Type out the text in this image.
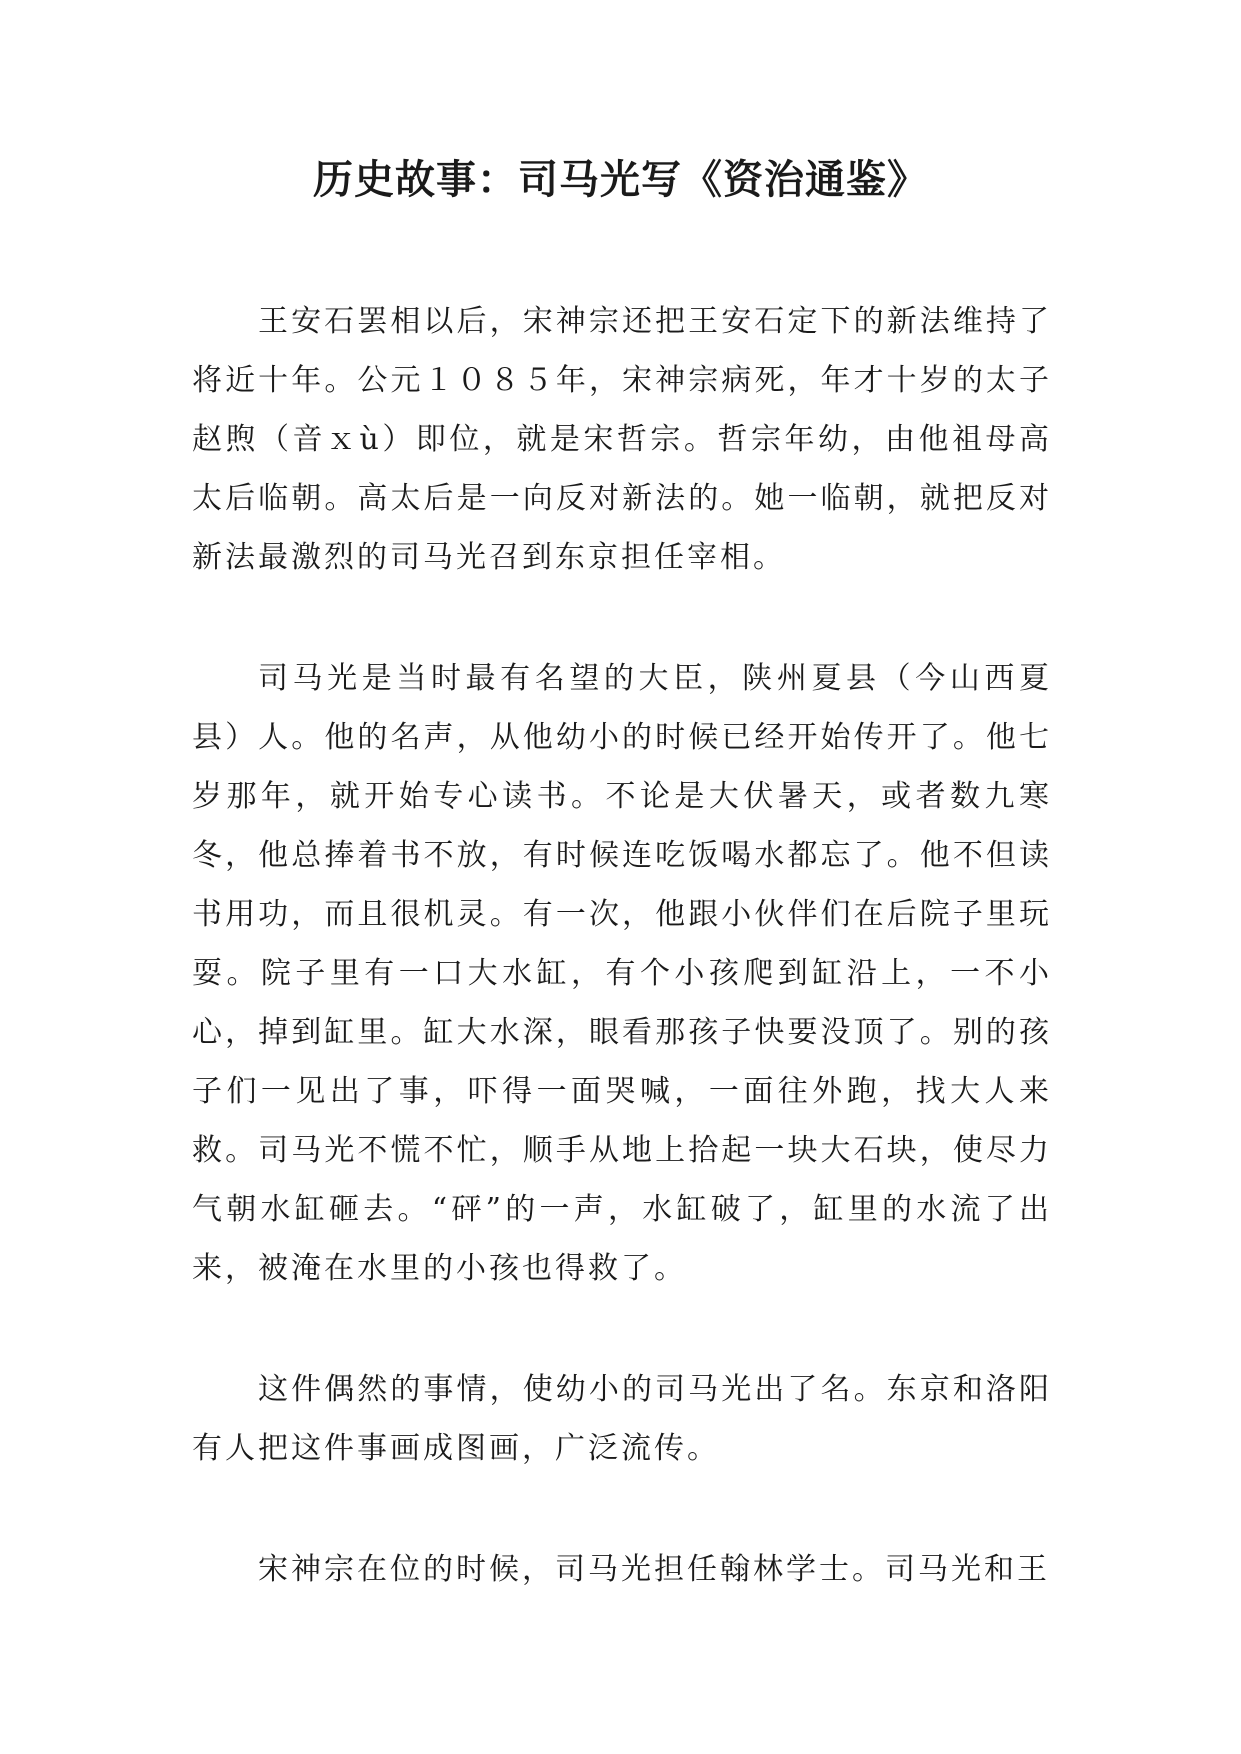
历史故事：司马光写《资治通鉴》

王安石罢相以后，宋神宗还把王安石定下的新法维持了将近十年。公元１０８５年，宋神宗病死，年才十岁的太子赵煦（音ｘù）即位，就是宋哲宗。哲宗年幼，由他祖母高太后临朝。高太后是一向反对新法的。她一临朝，就把反对新法最激烈的司马光召到东京担任宰相。

司马光是当时最有名望的大臣，陕州夏县（今山西夏县）人。他的名声，从他幼小的时候已经开始传开了。他七岁那年，就开始专心读书。不论是大伏暑天，或者数九寒冬，他总捧着书不放，有时候连吃饭喝水都忘了。他不但读书用功，而且很机灵。有一次，他跟小伙伴们在后院子里玩耍。院子里有一口大水缸，有个小孩爬到缸沿上，一不小心，掉到缸里。缸大水深，眼看那孩子快要没顶了。别的孩子们一见出了事，吓得一面哭喊，一面往外跑，找大人来救。司马光不慌不忙，顺手从地上拾起一块大石块，使尽力气朝水缸砸去。“砰”的一声，水缸破了，缸里的水流了出来，被淹在水里的小孩也得救了。

这件偶然的事情，使幼小的司马光出了名。东京和洛阳有人把这件事画成图画，广泛流传。

宋神宗在位的时候，司马光担任翰林学士。司马光和王
